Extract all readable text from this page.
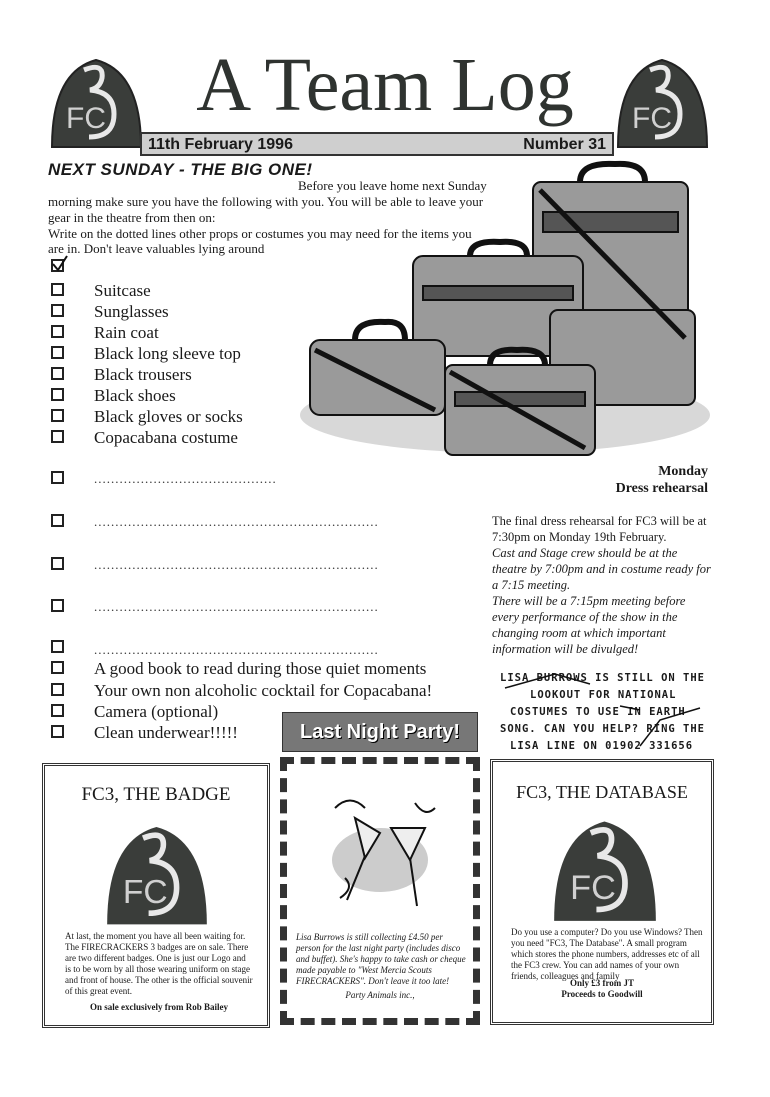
FC	FC
A Team Log
11th February 1996	Number 31
NEXT SUNDAY - THE BIG ONE!
Before you leave home next Sunday
morning make sure you have the following with you. You will be able to leave your
gear in the theatre from then on:
Write on the dotted lines other props or costumes you may need for the items you
are in. Don't leave valuables lying around
Suitcase
Sunglasses
Rain coat
Black long sleeve top
Black trousers
Black shoes
Black gloves or socks
Copacabana costume
...........................................
...................................................................
...................................................................
...................................................................
...................................................................
A good book to read during those quiet moments
Your own non alcoholic cocktail for Copacabana!
Camera (optional)
Clean underwear!!!!!
Monday
Dress rehearsal
The final dress rehearsal for FC3 will be at 7:30pm on Monday 19th February.
Cast and Stage crew should be at the theatre by 7:00pm and in costume ready for a 7:15 meeting.
There will be a 7:15pm meeting before every performance of the show in the changing room at which important information will be divulged!
LISA BURROWS IS STILL ON THE
LOOKOUT FOR NATIONAL
COSTUMES TO USE IN EARTH
SONG. CAN YOU HELP? RING THE
LISA LINE ON 01902 331656
FC3, THE BADGE
FC
At last, the moment you have all been waiting for. The FIRECRACKERS 3 badges are on sale. There are two different badges. One is just our Logo and is to be worn by all those wearing uniform on stage and front of house. The other is the official souvenir of this great event.
On sale exclusively from Rob Bailey
Lisa Burrows is still collecting £4.50 per person for the last night party (includes disco and buffet). She's happy to take cash or cheque made payable to "West Mercia Scouts FIRECRACKERS". Don't leave it too late!
Party Animals inc.,
Last Night Party!
FC3, THE DATABASE
FC
Do you use a computer? Do you use Windows? Then you need "FC3, The Database". A small program which stores the phone numbers, addresses etc of all the FC3 crew. You can add names of your own friends, colleagues and family
Only £3 from JT
Proceeds to Goodwill
